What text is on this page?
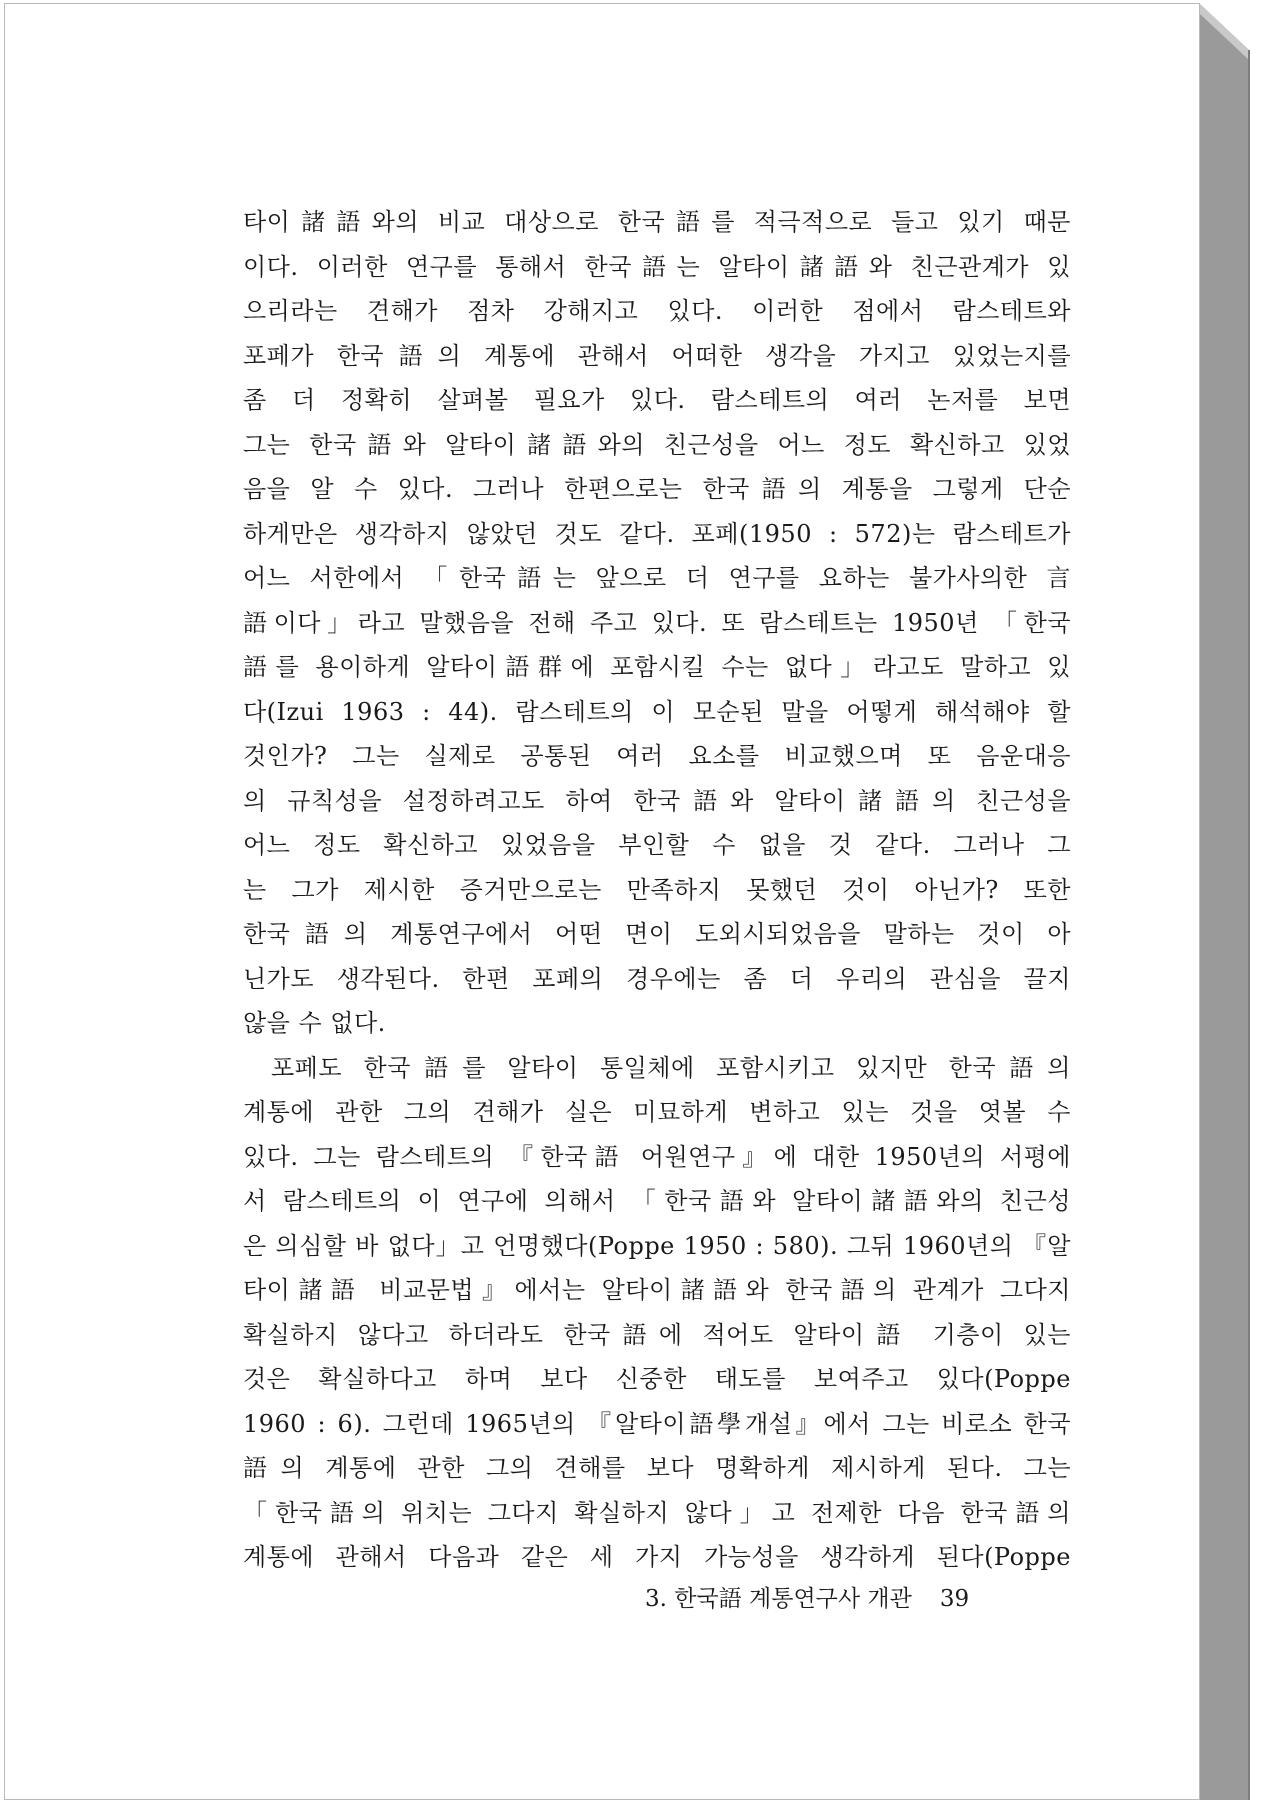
타이諸語와의 비교 대상으로 한국語를 적극적으로 들고 있기 때문
이다. 이러한 연구를 통해서 한국語는 알타이諸語와 친근관계가 있
으리라는 견해가 점차 강해지고 있다. 이러한 점에서 람스테트와
포페가 한국語의 계통에 관해서 어떠한 생각을 가지고 있었는지를
좀 더 정확히 살펴볼 필요가 있다. 람스테트의 여러 논저를 보면
그는 한국語와 알타이諸語와의 친근성을 어느 정도 확신하고 있었
음을 알 수 있다. 그러나 한편으로는 한국語의 계통을 그렇게 단순
하게만은 생각하지 않았던 것도 같다. 포페(1950 : 572)는 람스테트가
어느 서한에서 「한국語는 앞으로 더 연구를 요하는 불가사의한 言
語이다」라고 말했음을 전해 주고 있다. 또 람스테트는 1950년 「한국
語를 용이하게 알타이語群에 포함시킬 수는 없다」라고도 말하고 있
다(Izui 1963 : 44). 람스테트의 이 모순된 말을 어떻게 해석해야 할
것인가? 그는 실제로 공통된 여러 요소를 비교했으며 또 음운대응
의 규칙성을 설정하려고도 하여 한국語와 알타이諸語의 친근성을
어느 정도 확신하고 있었음을 부인할 수 없을 것 같다. 그러나 그
는 그가 제시한 증거만으로는 만족하지 못했던 것이 아닌가? 또한
한국語의 계통연구에서 어떤 면이 도외시되었음을 말하는 것이 아
닌가도 생각된다. 한편 포페의 경우에는 좀 더 우리의 관심을 끌지
않을 수 없다.
포페도 한국語를 알타이 통일체에 포함시키고 있지만 한국語의
계통에 관한 그의 견해가 실은 미묘하게 변하고 있는 것을 엿볼 수
있다. 그는 람스테트의 『한국語 어원연구』에 대한 1950년의 서평에
서 람스테트의 이 연구에 의해서 「한국語와 알타이諸語와의 친근성
은 의심할 바 없다」고 언명했다(Poppe 1950 : 580). 그뒤 1960년의 『알
타이諸語 비교문법』에서는 알타이諸語와 한국語의 관계가 그다지
확실하지 않다고 하더라도 한국語에 적어도 알타이語 기층이 있는
것은 확실하다고 하며 보다 신중한 태도를 보여주고 있다(Poppe
1960 : 6). 그런데 1965년의 『알타이語學개설』에서 그는 비로소 한국
語의 계통에 관한 그의 견해를 보다 명확하게 제시하게 된다. 그는
「한국語의 위치는 그다지 확실하지 않다」고 전제한 다음 한국語의
계통에 관해서 다음과 같은 세 가지 가능성을 생각하게 된다(Poppe
3. 한국語 계통연구사 개관 39
